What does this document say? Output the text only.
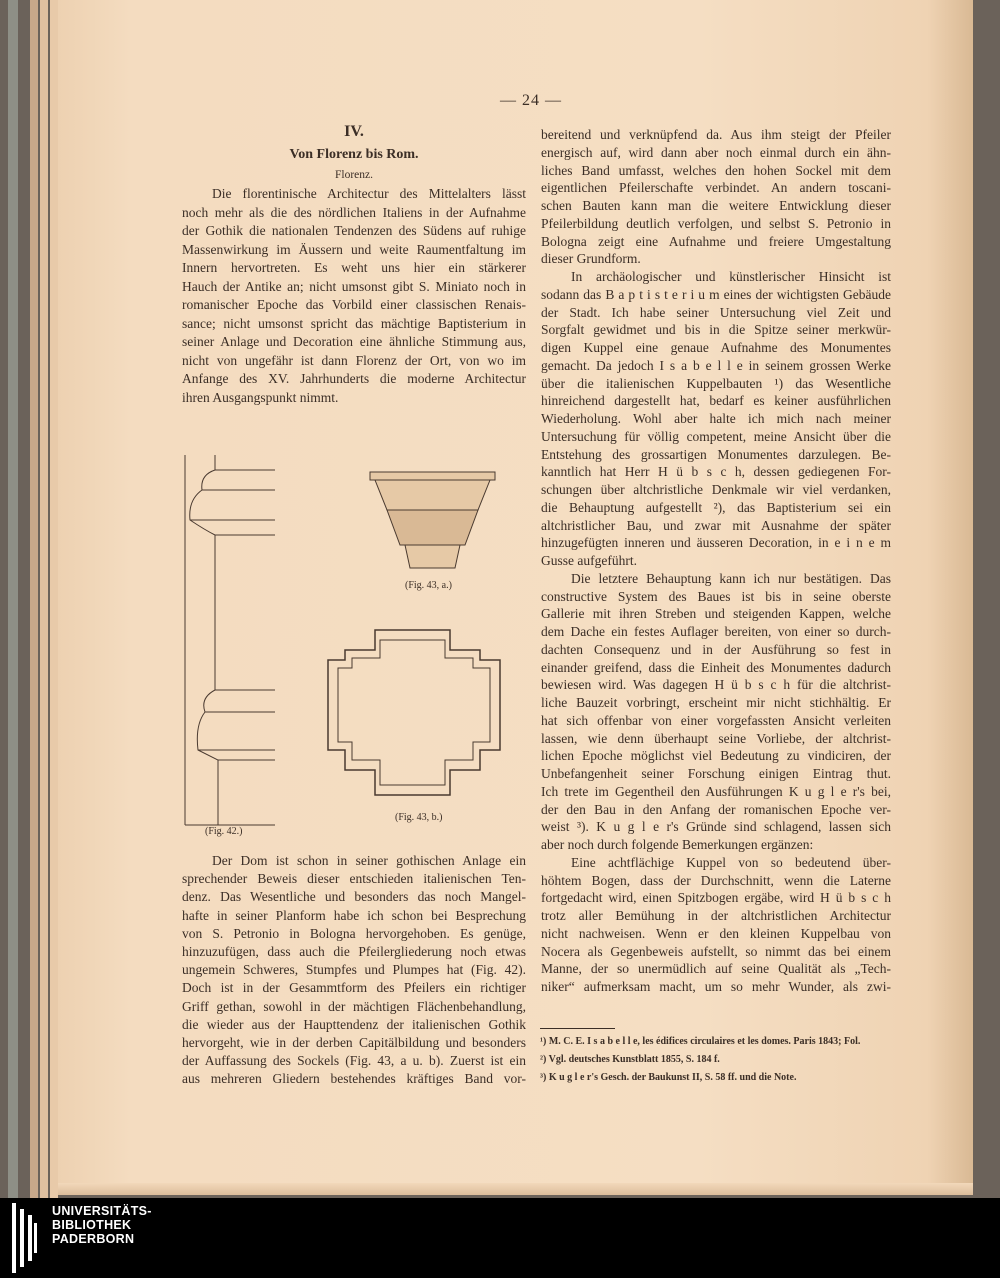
— 24 —
IV.
Von Florenz bis Rom.
Florenz.
Die florentinische Architectur des Mittelalters lässt
noch mehr als die des nördlichen Italiens in der Aufnahme
der Gothik die nationalen Tendenzen des Südens auf ruhige
Massenwirkung im Äussern und weite Raumentfaltung im
Innern hervortreten. Es weht uns hier ein stärkerer
Hauch der Antike an; nicht umsonst gibt S. Miniato noch in
romanischer Epoche das Vorbild einer classischen Renais-
sance; nicht umsonst spricht das mächtige Baptisterium in
seiner Anlage und Decoration eine ähnliche Stimmung aus,
nicht von ungefähr ist dann Florenz der Ort, von wo im
Anfange des XV. Jahrhunderts die moderne Architectur
ihren Ausgangspunkt nimmt.
(Fig. 42.)
(Fig. 43, a.)
(Fig. 43, b.)
Der Dom ist schon in seiner gothischen Anlage ein
sprechender Beweis dieser entschieden italienischen Ten-
denz. Das Wesentliche und besonders das noch Mangel-
hafte in seiner Planform habe ich schon bei Besprechung
von S. Petronio in Bologna hervorgehoben. Es genüge,
hinzuzufügen, dass auch die Pfeilergliederung noch etwas
ungemein Schweres, Stumpfes und Plumpes hat (Fig. 42).
Doch ist in der Gesammtform des Pfeilers ein richtiger
Griff gethan, sowohl in der mächtigen Flächenbehandlung,
die wieder aus der Haupttendenz der italienischen Gothik
hervorgeht, wie in der derben Capitälbildung und besonders
der Auffassung des Sockels (Fig. 43, a u. b). Zuerst ist ein
aus mehreren Gliedern bestehendes kräftiges Band vor-
bereitend und verknüpfend da. Aus ihm steigt der Pfeiler
energisch auf, wird dann aber noch einmal durch ein ähn-
liches Band umfasst, welches den hohen Sockel mit dem
eigentlichen Pfeilerschafte verbindet. An andern toscani-
schen Bauten kann man die weitere Entwicklung dieser
Pfeilerbildung deutlich verfolgen, und selbst S. Petronio in
Bologna zeigt eine Aufnahme und freiere Umgestaltung
dieser Grundform.
In archäologischer und künstlerischer Hinsicht ist
sodann das B a p t i s t e r i u m eines der wichtigsten Gebäude
der Stadt. Ich habe seiner Untersuchung viel Zeit und
Sorgfalt gewidmet und bis in die Spitze seiner merkwür-
digen Kuppel eine genaue Aufnahme des Monumentes
gemacht. Da jedoch I s a b e l l e in seinem grossen Werke
über die italienischen Kuppelbauten ¹) das Wesentliche
hinreichend dargestellt hat, bedarf es keiner ausführlichen
Wiederholung. Wohl aber halte ich mich nach meiner
Untersuchung für völlig competent, meine Ansicht über die
Entstehung des grossartigen Monumentes darzulegen. Be-
kanntlich hat Herr H ü b s c h, dessen gediegenen For-
schungen über altchristliche Denkmale wir viel verdanken,
die Behauptung aufgestellt ²), das Baptisterium sei ein
altchristlicher Bau, und zwar mit Ausnahme der später
hinzugefügten inneren und äusseren Decoration, in e i n e m
Gusse aufgeführt.
Die letztere Behauptung kann ich nur bestätigen. Das
constructive System des Baues ist bis in seine oberste
Gallerie mit ihren Streben und steigenden Kappen, welche
dem Dache ein festes Auflager bereiten, von einer so durch-
dachten Consequenz und in der Ausführung so fest in
einander greifend, dass die Einheit des Monumentes dadurch
bewiesen wird. Was dagegen H ü b s c h für die altchrist-
liche Bauzeit vorbringt, erscheint mir nicht stichhältig. Er
hat sich offenbar von einer vorgefassten Ansicht verleiten
lassen, wie denn überhaupt seine Vorliebe, der altchrist-
lichen Epoche möglichst viel Bedeutung zu vindiciren, der
Unbefangenheit seiner Forschung einigen Eintrag thut.
Ich trete im Gegentheil den Ausführungen K u g l e r's bei,
der den Bau in den Anfang der romanischen Epoche ver-
weist ³). K u g l e r's Gründe sind schlagend, lassen sich
aber noch durch folgende Bemerkungen ergänzen:
Eine achtflächige Kuppel von so bedeutend über-
höhtem Bogen, dass der Durchschnitt, wenn die Laterne
fortgedacht wird, einen Spitzbogen ergäbe, wird H ü b s c h
trotz aller Bemühung in der altchristlichen Architectur
nicht nachweisen. Wenn er den kleinen Kuppelbau von
Nocera als Gegenbeweis aufstellt, so nimmt das bei einem
Manne, der so unermüdlich auf seine Qualität als „Tech-
niker“ aufmerksam macht, um so mehr Wunder, als zwi-
¹) M. C. E. I s a b e l l e, les édifices circulaires et les domes. Paris 1843; Fol.
²) Vgl. deutsches Kunstblatt 1855, S. 184 f.
³) K u g l e r's Gesch. der Baukunst II, S. 58 ff. und die Note.
UNIVERSITÄTS-
BIBLIOTHEK
PADERBORN
